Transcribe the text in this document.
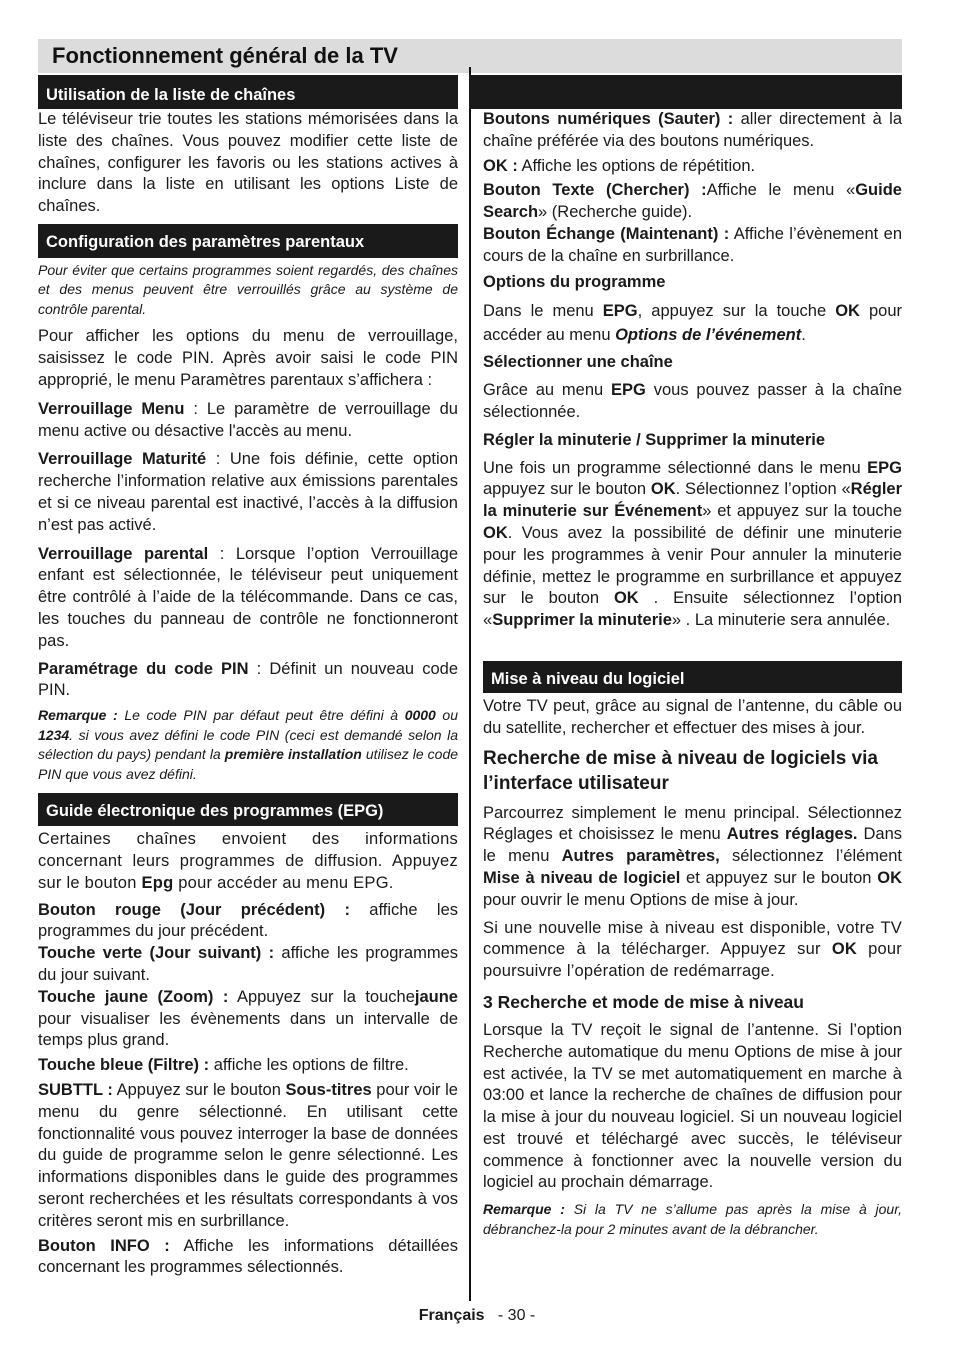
Fonctionnement général de la TV
Utilisation de la liste de chaînes

Le téléviseur trie toutes les stations mémorisées dans la liste des chaînes. Vous pouvez modifier cette liste de chaînes, configurer les favoris ou les stations actives à inclure dans la liste en utilisant les options Liste de chaînes.

Configuration des paramètres parentaux

Pour éviter que certains programmes soient regardés, des chaînes et des menus peuvent être verrouillés grâce au système de contrôle parental.

Pour afficher les options du menu de verrouillage, saisissez le code PIN. Après avoir saisi le code PIN approprié, le menu Paramètres parentaux s’affichera :

Verrouillage Menu : Le paramètre de verrouillage du menu active ou désactive l'accès au menu.

Verrouillage Maturité : Une fois définie, cette option recherche l’information relative aux émissions parentales et si ce niveau parental est inactivé, l’accès à la diffusion n’est pas activé.

Verrouillage parental : Lorsque l’option Verrouillage enfant est sélectionnée, le téléviseur peut uniquement être contrôlé à l’aide de la télécommande. Dans ce cas, les touches du panneau de contrôle ne fonctionneront pas.

Paramétrage du code PIN : Définit un nouveau code PIN.

Remarque : Le code PIN par défaut peut être défini à 0000 ou 1234. si vous avez défini le code PIN (ceci est demandé selon la sélection du pays) pendant la première installation utilisez le code PIN que vous avez défini.

Guide électronique des programmes (EPG)

Certaines chaînes envoient des informations concernant leurs programmes de diffusion. Appuyez sur le bouton Epg pour accéder au menu EPG.

Bouton rouge (Jour précédent) : affiche les programmes du jour précédent.

Touche verte (Jour suivant) : affiche les programmes du jour suivant.

Touche jaune (Zoom) : Appuyez sur la touchejaune pour visualiser les évènements dans un intervalle de temps plus grand.

Touche bleue (Filtre) : affiche les options de filtre.

SUBTTL : Appuyez sur le bouton Sous-titres pour voir le menu du genre sélectionné. En utilisant cette fonctionnalité vous pouvez interroger la base de données du guide de programme selon le genre sélectionné. Les informations disponibles dans le guide des programmes seront recherchées et les résultats correspondants à vos critères seront mis en surbrillance.

Bouton INFO : Affiche les informations détaillées concernant les programmes sélectionnés.

Boutons numériques (Sauter) : aller directement à la chaîne préférée via des boutons numériques.

OK : Affiche les options de répétition.

Bouton Texte (Chercher) :Affiche le menu «Guide Search» (Recherche guide).

Bouton Échange (Maintenant) : Affiche l’évènement en cours de la chaîne en surbrillance.

Options du programme

Dans le menu EPG, appuyez sur la touche OK pour accéder au menu Options de l’événement.

Sélectionner une chaîne

Grâce au menu EPG vous pouvez passer à la chaîne sélectionnée.

Régler la minuterie / Supprimer la minuterie

Une fois un programme sélectionné dans le menu EPG appuyez sur le bouton OK. Sélectionnez l’option «Régler la minuterie sur Événement» et appuyez sur la touche OK. Vous avez la possibilité de définir une minuterie pour les programmes à venir Pour annuler la minuterie définie, mettez le programme en surbrillance et appuyez sur le bouton OK . Ensuite sélectionnez l’option «Supprimer la minuterie» . La minuterie sera annulée.

Mise à niveau du logiciel

Votre TV peut, grâce au signal de l’antenne, du câble ou du satellite, rechercher et effectuer des mises à jour.

Recherche de mise à niveau de logiciels via l’interface utilisateur

Parcourrez simplement le menu principal. Sélectionnez Réglages et choisissez le menu Autres réglages. Dans le menu Autres paramètres, sélectionnez l’élément Mise à niveau de logiciel et appuyez sur le bouton OK pour ouvrir le menu Options de mise à jour.

Si une nouvelle mise à niveau est disponible, votre TV commence à la télécharger. Appuyez sur OK pour poursuivre l’opération de redémarrage.

3 Recherche et mode de mise à niveau

Lorsque la TV reçoit le signal de l’antenne. Si l’option Recherche automatique du menu Options de mise à jour est activée, la TV se met automatiquement en marche à 03:00 et lance la recherche de chaînes de diffusion pour la mise à jour du nouveau logiciel. Si un nouveau logiciel est trouvé et téléchargé avec succès, le téléviseur commence à fonctionner avec la nouvelle version du logiciel au prochain démarrage.

Remarque : Si la TV ne s’allume pas après la mise à jour, débranchez-la pour 2 minutes avant de la débrancher.

Français - 30 -
